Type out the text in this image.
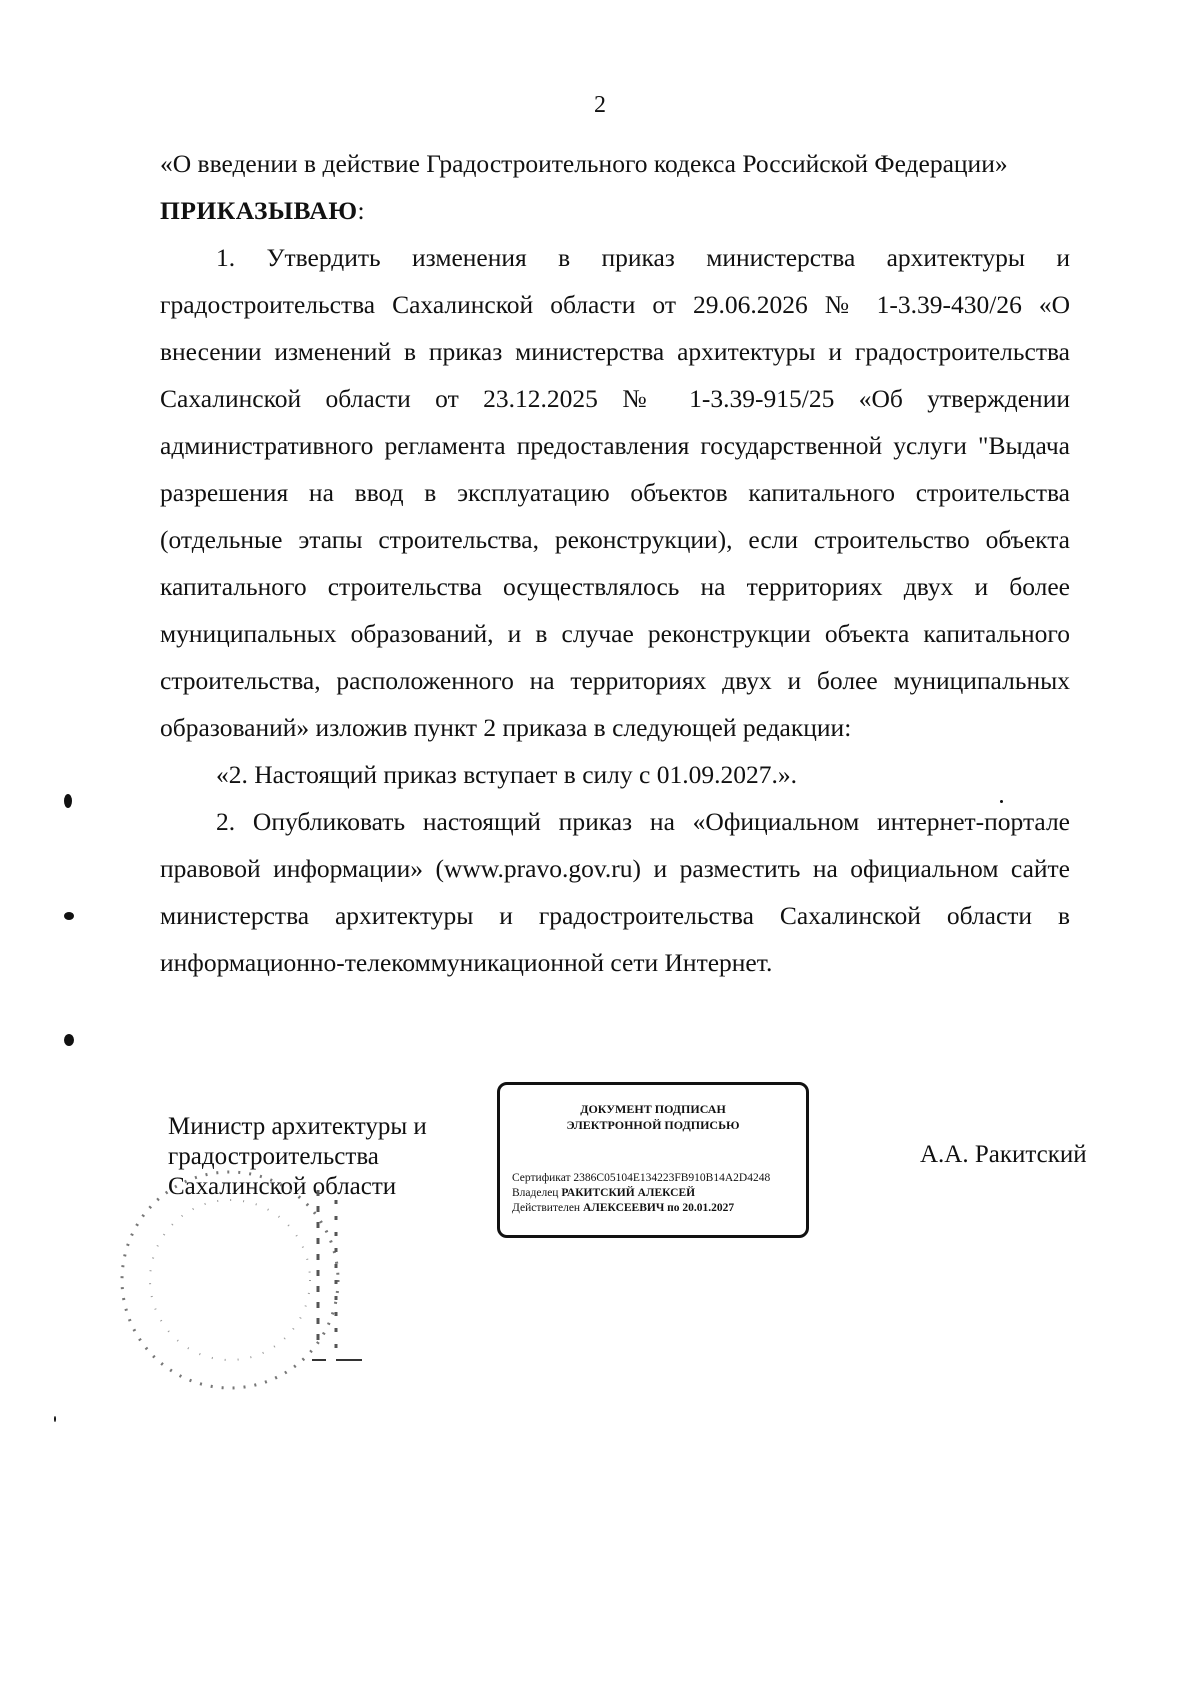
2
«О введении в действие Градостроительного кодекса Российской Федерации»
ПРИКАЗЫВАЮ:

1. Утвердить изменения в приказ министерства архитектуры и градостроительства Сахалинской области от 29.06.2026 № 1-3.39-430/26 «О внесении изменений в приказ министерства архитектуры и градостроительства Сахалинской области от 23.12.2025 № 1-3.39-915/25 «Об утверждении административного регламента предоставления государственной услуги "Выдача разрешения на ввод в эксплуатацию объектов капитального строительства (отдельные этапы строительства, реконструкции), если строительство объекта капитального строительства осуществлялось на территориях двух и более муниципальных образований, и в случае реконструкции объекта капитального строительства, расположенного на территориях двух и более муниципальных образований» изложив пункт 2 приказа в следующей редакции:

«2. Настоящий приказ вступает в силу с 01.09.2027.».

2. Опубликовать настоящий приказ на «Официальном интернет-портале правовой информации» (www.pravo.gov.ru) и разместить на официальном сайте министерства архитектуры и градостроительства Сахалинской области в информационно-телекоммуникационной сети Интернет.

Министр архитектуры и
градостроительства
Сахалинской области
ДОКУМЕНТ ПОДПИСАН
ЭЛЕКТРОННОЙ ПОДПИСЬЮ
Сертификат 2386C05104E134223FB910B14A2D4248
Владелец РАКИТСКИЙ АЛЕКСЕЙ
Действителен АЛЕКСЕЕВИЧ по 20.01.2027
А.А. Ракитский
